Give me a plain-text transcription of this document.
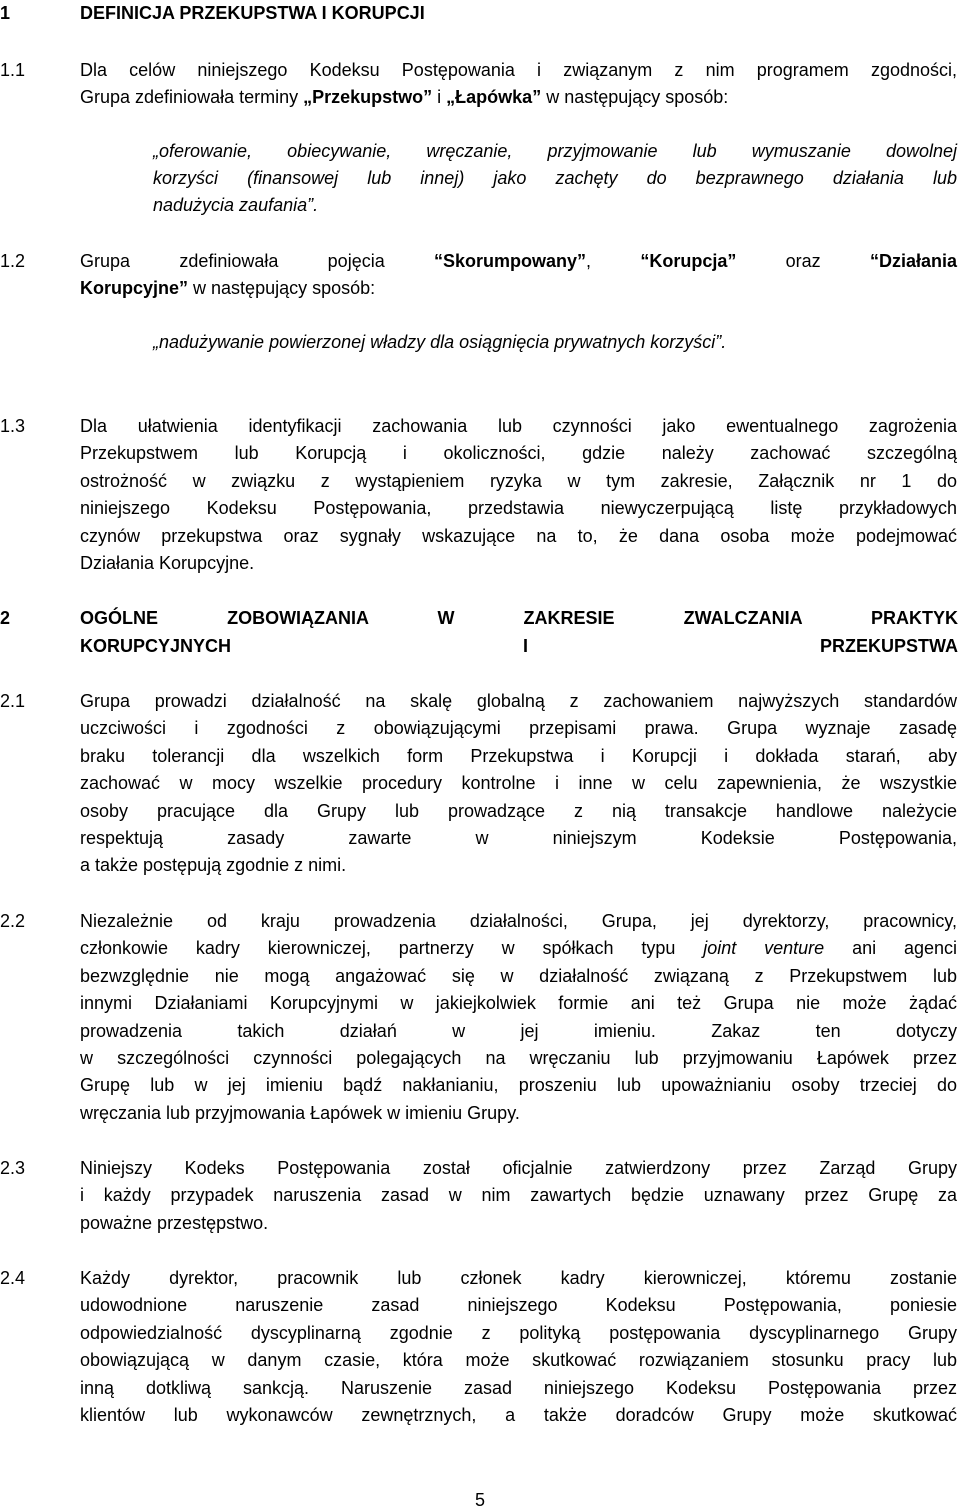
1	DEFINICJA PRZEKUPSTWA I KORUPCJI
1.1	Dla celów niniejszego Kodeksu Postępowania i związanym z nim programem zgodności,
Grupa zdefiniowała terminy „Przekupstwo” i „Łapówka” w następujący sposób:
„oferowanie, obiecywanie, wręczanie, przyjmowanie lub wymuszanie dowolnej
korzyści (finansowej lub innej) jako zachęty do bezprawnego działania lub
nadużycia zaufania”.
1.2	Grupa zdefiniowała pojęcia “Skorumpowany”, “Korupcja” oraz “Działania
Korupcyjne” w następujący sposób:
„nadużywanie powierzonej władzy dla osiągnięcia prywatnych korzyści”.
1.3	Dla ułatwienia identyfikacji zachowania lub czynności jako ewentualnego zagrożenia
Przekupstwem lub Korupcją i okoliczności, gdzie należy zachować szczególną
ostrożność w związku z wystąpieniem ryzyka w tym zakresie, Załącznik nr 1 do
niniejszego Kodeksu Postępowania, przedstawia niewyczerpującą listę przykładowych
czynów przekupstwa oraz sygnały wskazujące na to, że dana osoba może podejmować
Działania Korupcyjne.
2	OGÓLNE ZOBOWIĄZANIA W ZAKRESIE ZWALCZANIA PRAKTYK
KORUPCYJNYCH I PRZEKUPSTWA
2.1	Grupa prowadzi działalność na skalę globalną z zachowaniem najwyższych standardów
uczciwości i zgodności z obowiązującymi przepisami prawa. Grupa wyznaje zasadę
braku tolerancji dla wszelkich form Przekupstwa i Korupcji i dokłada starań, aby
zachować w mocy wszelkie procedury kontrolne i inne w celu zapewnienia, że wszystkie
osoby pracujące dla Grupy lub prowadzące z nią transakcje handlowe należycie
respektują zasady zawarte w niniejszym Kodeksie Postępowania,
a także postępują zgodnie z nimi.
2.2	Niezależnie od kraju prowadzenia działalności, Grupa, jej dyrektorzy, pracownicy,
członkowie kadry kierowniczej, partnerzy w spółkach typu joint venture ani agenci
bezwzględnie nie mogą angażować się w działalność związaną z Przekupstwem lub
innymi Działaniami Korupcyjnymi w jakiejkolwiek formie ani też Grupa nie może żądać
prowadzenia takich działań w jej imieniu. Zakaz ten dotyczy
w szczególności czynności polegających na wręczaniu lub przyjmowaniu Łapówek przez
Grupę lub w jej imieniu bądź nakłanianiu, proszeniu lub upoważnianiu osoby trzeciej do
wręczania lub przyjmowania Łapówek w imieniu Grupy.
2.3	Niniejszy Kodeks Postępowania został oficjalnie zatwierdzony przez Zarząd Grupy
i każdy przypadek naruszenia zasad w nim zawartych będzie uznawany przez Grupę za
poważne przestępstwo.
2.4	Każdy dyrektor, pracownik lub członek kadry kierowniczej, któremu zostanie
udowodnione naruszenie zasad niniejszego Kodeksu Postępowania, poniesie
odpowiedzialność dyscyplinarną zgodnie z polityką postępowania dyscyplinarnego Grupy
obowiązującą w danym czasie, która może skutkować rozwiązaniem stosunku pracy lub
inną dotkliwą sankcją. Naruszenie zasad niniejszego Kodeksu Postępowania przez
klientów lub wykonawców zewnętrznych, a także doradców Grupy może skutkować
5
